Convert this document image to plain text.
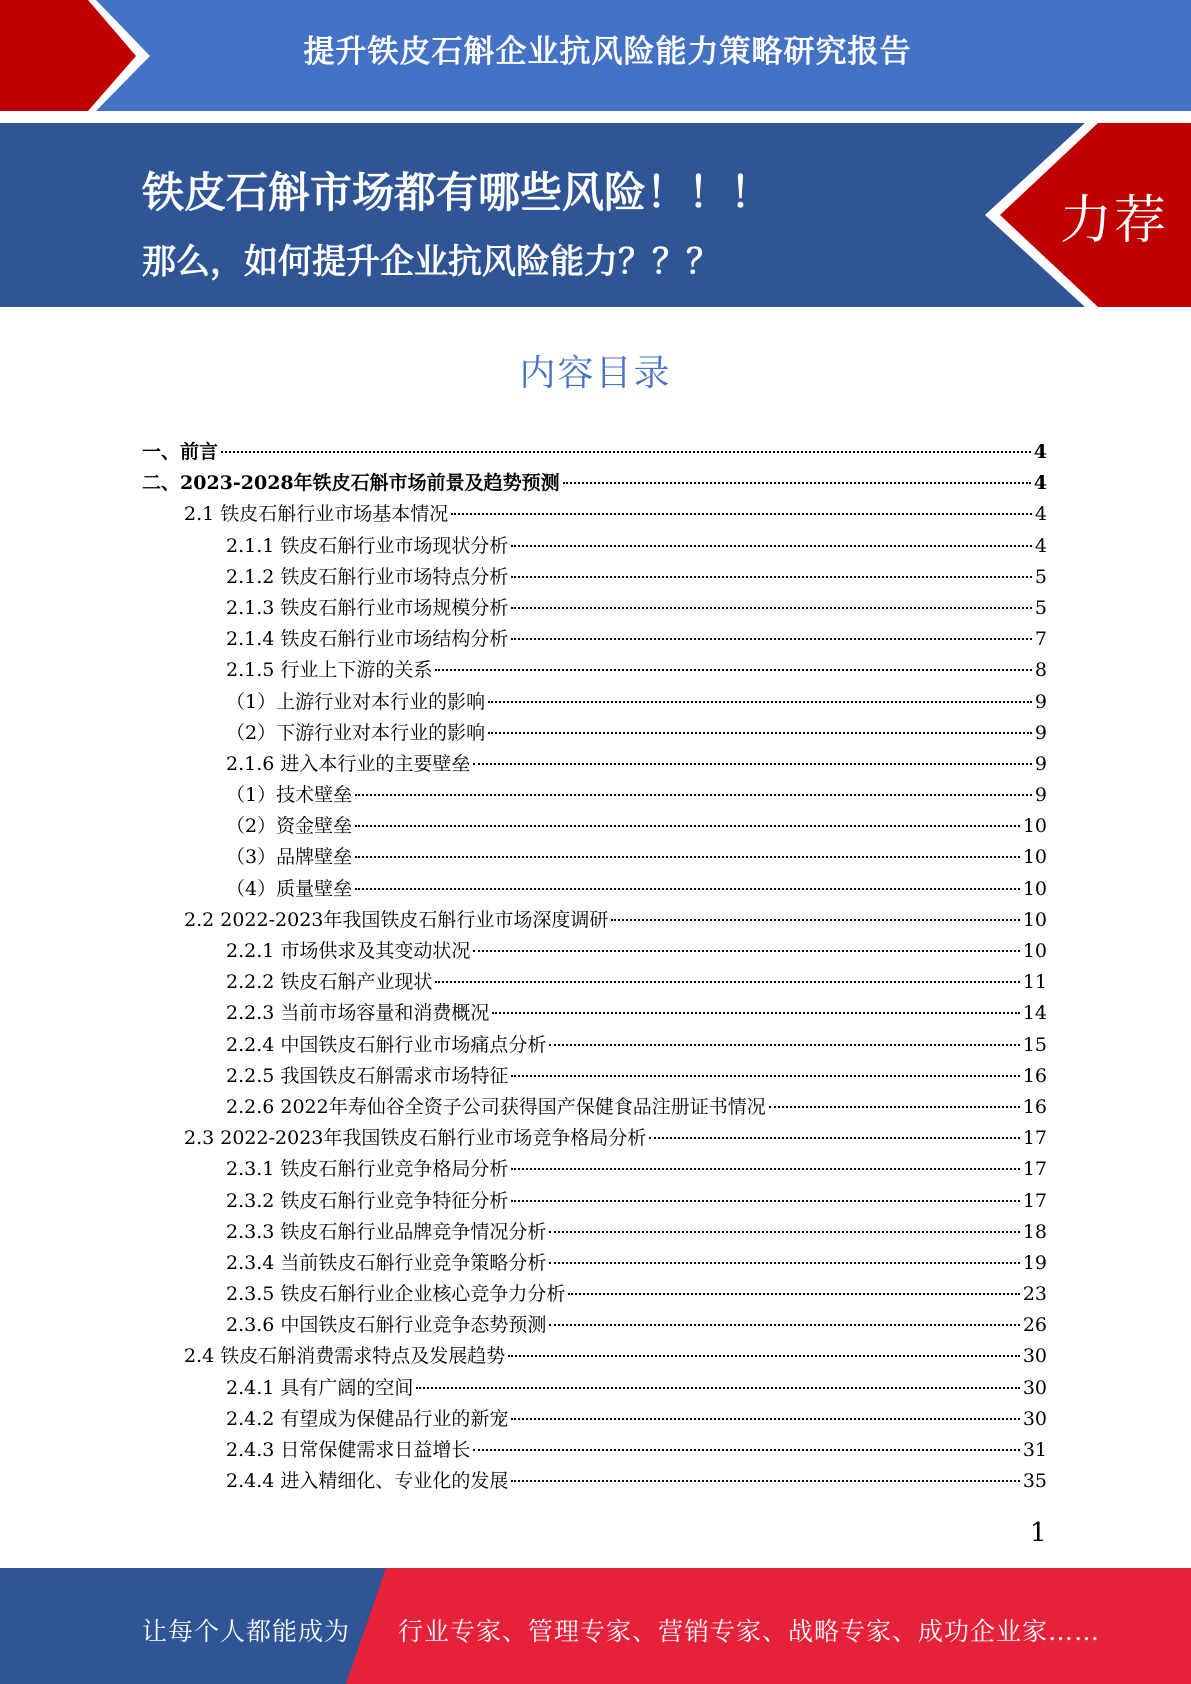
提升铁皮石斛企业抗风险能力策略研究报告
铁皮石斛市场都有哪些风险！！！
那么，如何提升企业抗风险能力？？？
力荐
内容目录
一、前言	4
二、2023-2028年铁皮石斛市场前景及趋势预测	4
2.1 铁皮石斛行业市场基本情况	4
2.1.1 铁皮石斛行业市场现状分析	4
2.1.2 铁皮石斛行业市场特点分析	5
2.1.3 铁皮石斛行业市场规模分析	5
2.1.4 铁皮石斛行业市场结构分析	7
2.1.5 行业上下游的关系	8
（1）上游行业对本行业的影响	9
（2）下游行业对本行业的影响	9
2.1.6 进入本行业的主要壁垒	9
（1）技术壁垒	9
（2）资金壁垒	10
（3）品牌壁垒	10
（4）质量壁垒	10
2.2 2022-2023年我国铁皮石斛行业市场深度调研	10
2.2.1 市场供求及其变动状况	10
2.2.2 铁皮石斛产业现状	11
2.2.3 当前市场容量和消费概况	14
2.2.4 中国铁皮石斛行业市场痛点分析	15
2.2.5 我国铁皮石斛需求市场特征	16
2.2.6 2022年寿仙谷全资子公司获得国产保健食品注册证书情况	16
2.3 2022-2023年我国铁皮石斛行业市场竞争格局分析	17
2.3.1 铁皮石斛行业竞争格局分析	17
2.3.2 铁皮石斛行业竞争特征分析	17
2.3.3 铁皮石斛行业品牌竞争情况分析	18
2.3.4 当前铁皮石斛行业竞争策略分析	19
2.3.5 铁皮石斛行业企业核心竞争力分析	23
2.3.6 中国铁皮石斛行业竞争态势预测	26
2.4 铁皮石斛消费需求特点及发展趋势	30
2.4.1 具有广阔的空间	30
2.4.2 有望成为保健品行业的新宠	30
2.4.3 日常保健需求日益增长	31
2.4.4 进入精细化、专业化的发展	35
1
让每个人都能成为 行业专家、管理专家、营销专家、战略专家、成功企业家……
